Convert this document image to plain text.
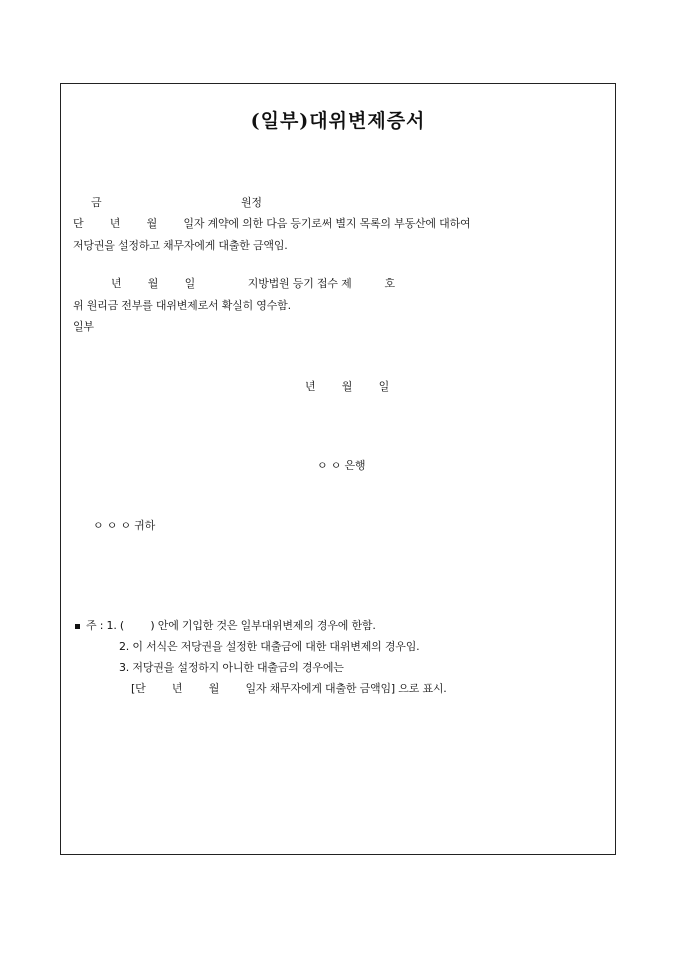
(일부)대위변제증서
금	원정
단        년        월        일자 계약에 의한 다음 등기로써 별지 목록의 부동산에 대하여
저당권을 설정하고 채무자에게 대출한 금액임.
년        월        일                지방법원 등기 접수 제          호
위 원리금 전부를 대위변제로서 확실히 영수함.
일부
년        월        일
ㅇ ㅇ 은행
ㅇ ㅇ ㅇ 귀하
주 : 1. (        ) 안에 기입한 것은 일부대위변제의 경우에 한함.
2. 이 서식은 저당권을 설정한 대출금에 대한 대위변제의 경우임.
3. 저당권을 설정하지 아니한 대출금의 경우에는
[단        년        월        일자 채무자에게 대출한 금액임] 으로 표시.
